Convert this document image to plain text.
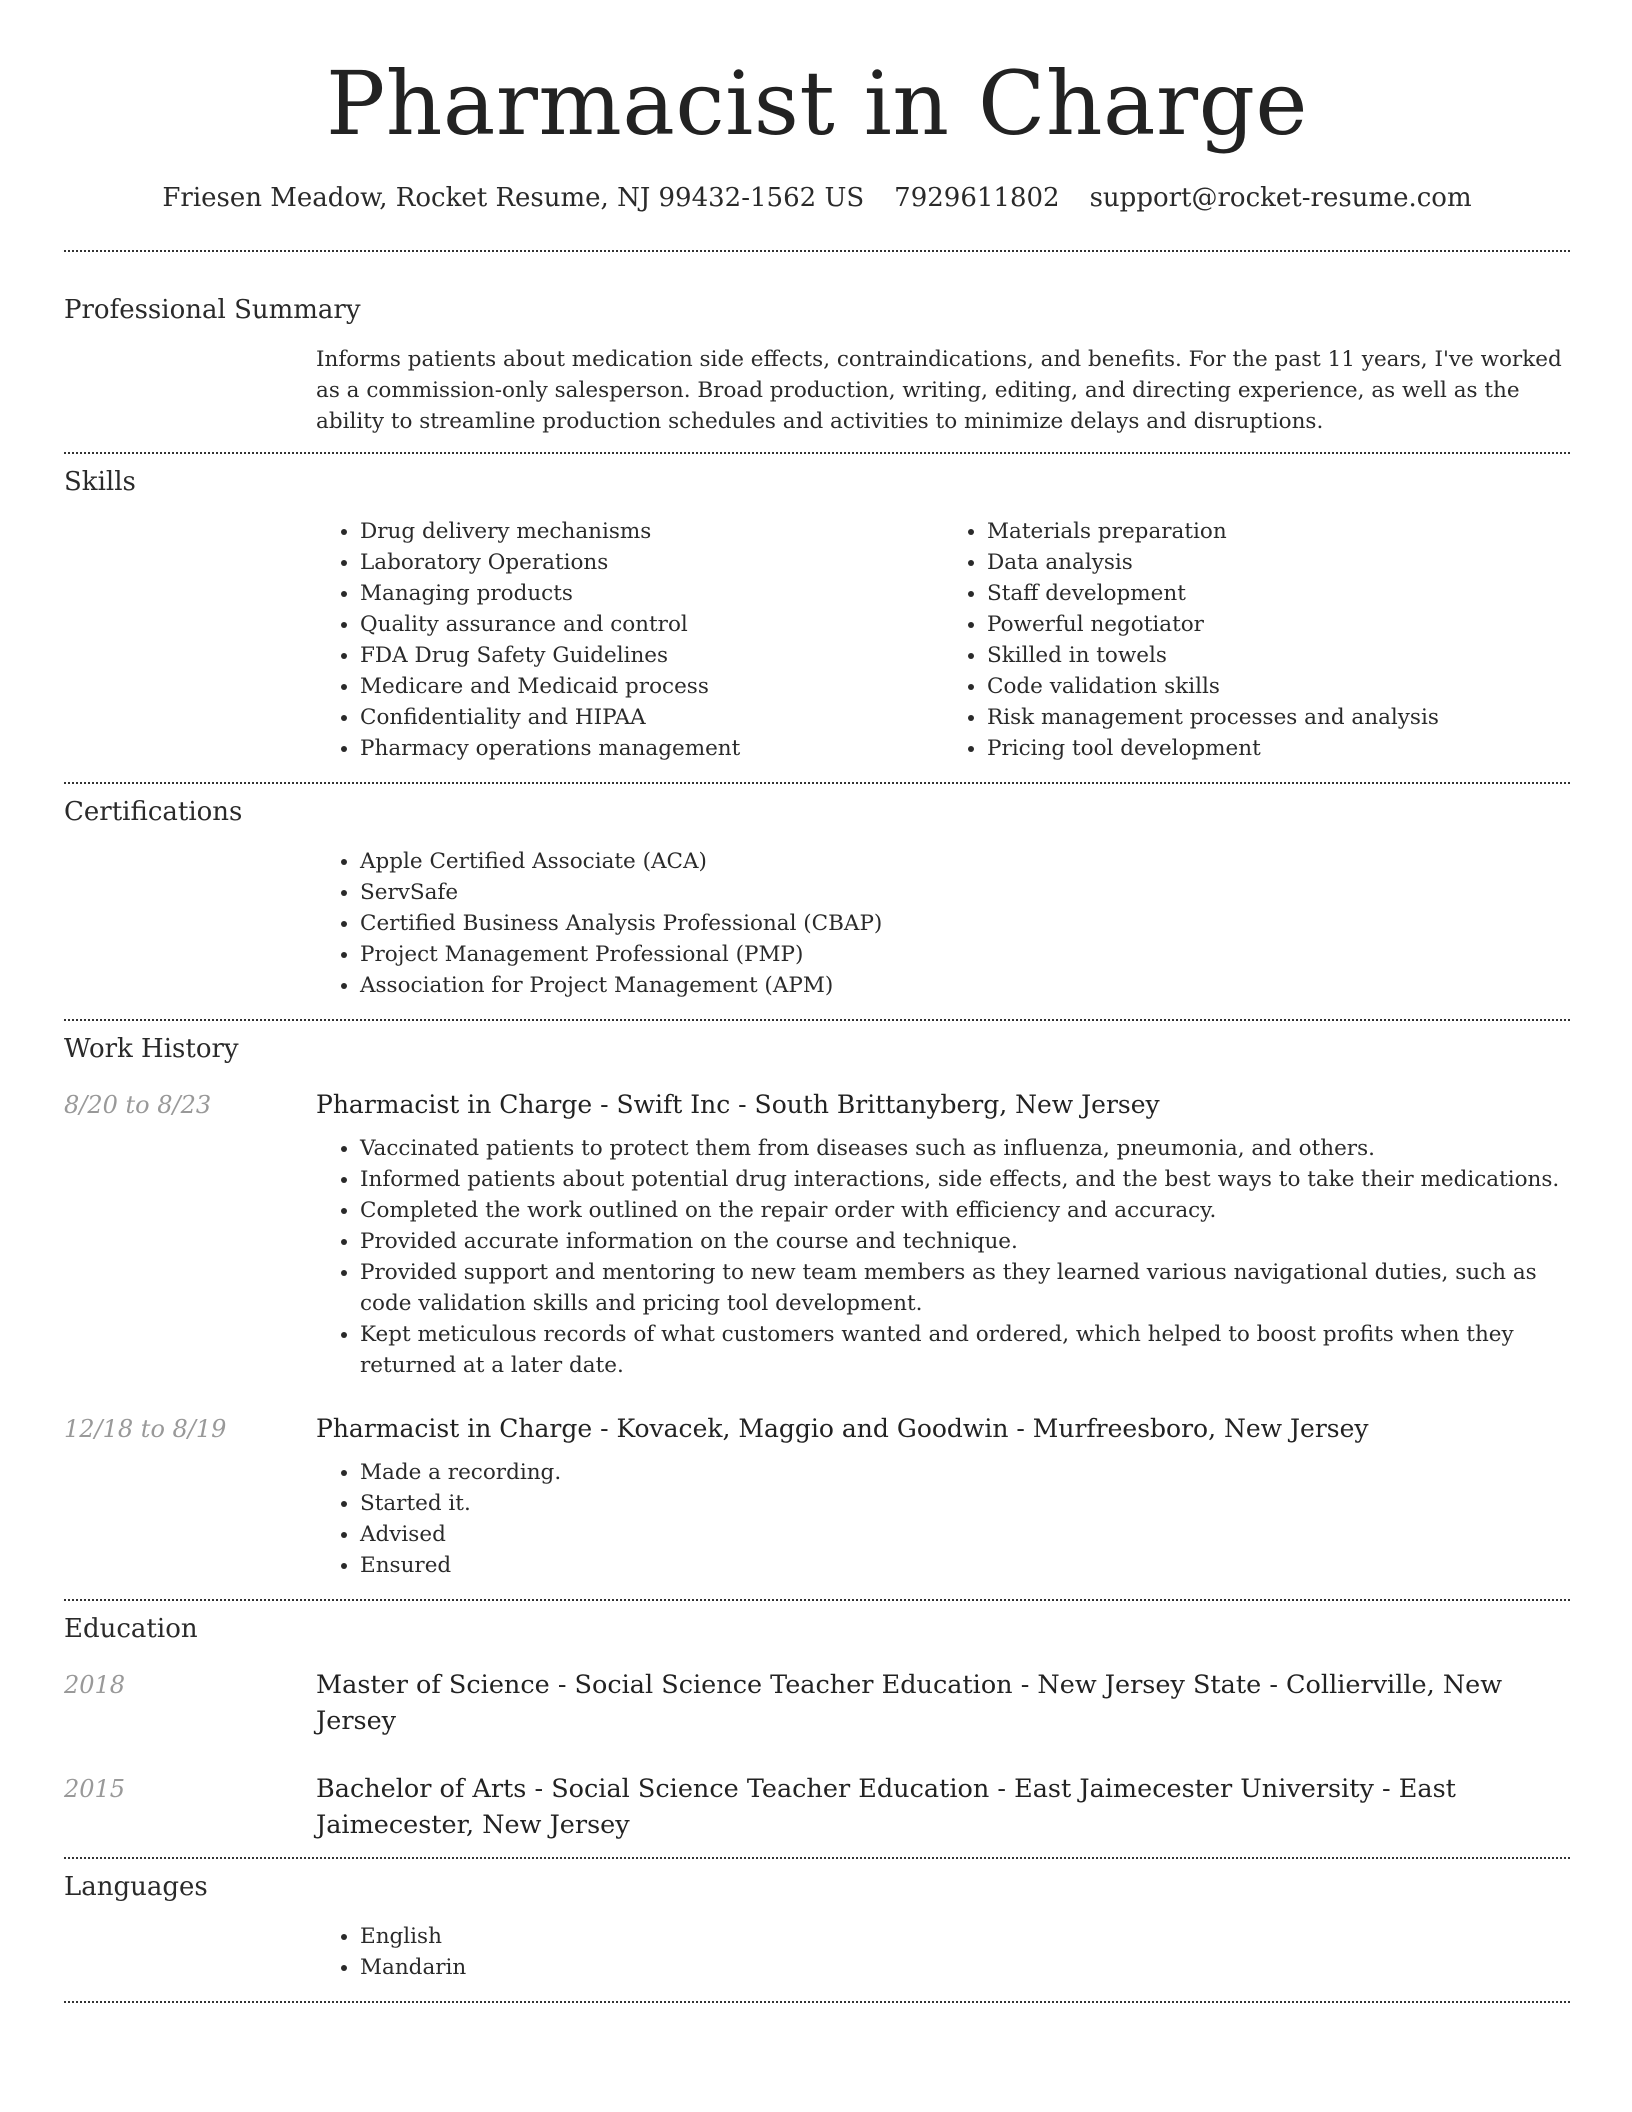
Pharmacist in Charge
Friesen Meadow, Rocket Resume, NJ 99432-1562 US 7929611802 support@rocket-resume.com
Professional Summary
Informs patients about medication side effects, contraindications, and benefits. For the past 11 years, I've worked as a commission-only salesperson. Broad production, writing, editing, and directing experience, as well as the ability to streamline production schedules and activities to minimize delays and disruptions.
Skills
• Drug delivery mechanisms
• Laboratory Operations
• Managing products
• Quality assurance and control
• FDA Drug Safety Guidelines
• Medicare and Medicaid process
• Confidentiality and HIPAA
• Pharmacy operations management
• Materials preparation
• Data analysis
• Staff development
• Powerful negotiator
• Skilled in towels
• Code validation skills
• Risk management processes and analysis
• Pricing tool development
Certifications
• Apple Certified Associate (ACA)
• ServSafe
• Certified Business Analysis Professional (CBAP)
• Project Management Professional (PMP)
• Association for Project Management (APM)
Work History
8/20 to 8/23	Pharmacist in Charge - Swift Inc - South Brittanyberg, New Jersey
• Vaccinated patients to protect them from diseases such as influenza, pneumonia, and others.
• Informed patients about potential drug interactions, side effects, and the best ways to take their medications.
• Completed the work outlined on the repair order with efficiency and accuracy.
• Provided accurate information on the course and technique.
• Provided support and mentoring to new team members as they learned various navigational duties, such as code validation skills and pricing tool development.
• Kept meticulous records of what customers wanted and ordered, which helped to boost profits when they returned at a later date.
12/18 to 8/19	Pharmacist in Charge - Kovacek, Maggio and Goodwin - Murfreesboro, New Jersey
• Made a recording.
• Started it.
• Advised
• Ensured
Education
2018	Master of Science - Social Science Teacher Education - New Jersey State - Collierville, New Jersey
2015	Bachelor of Arts - Social Science Teacher Education - East Jaimecester University - East Jaimecester, New Jersey
Languages
• English
• Mandarin
